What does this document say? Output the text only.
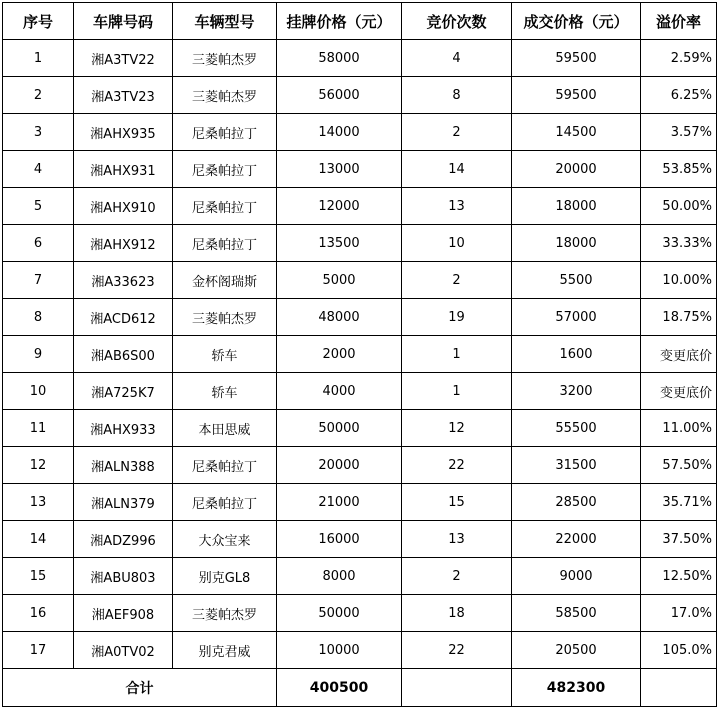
序号	车牌号码	车辆型号	挂牌价格（元）	竞价次数	成交价格（元）	溢价率
1	湘A3TV22	三菱帕杰罗	58000	4	59500	2.59%
2	湘A3TV23	三菱帕杰罗	56000	8	59500	6.25%
3	湘AHX935	尼桑帕拉丁	14000	2	14500	3.57%
4	湘AHX931	尼桑帕拉丁	13000	14	20000	53.85%
5	湘AHX910	尼桑帕拉丁	12000	13	18000	50.00%
6	湘AHX912	尼桑帕拉丁	13500	10	18000	33.33%
7	湘A33623	金杯阁瑞斯	5000	2	5500	10.00%
8	湘ACD612	三菱帕杰罗	48000	19	57000	18.75%
9	湘AB6S00	轿车	2000	1	1600	变更底价
10	湘A725K7	轿车	4000	1	3200	变更底价
11	湘AHX933	本田思威	50000	12	55500	11.00%
12	湘ALN388	尼桑帕拉丁	20000	22	31500	57.50%
13	湘ALN379	尼桑帕拉丁	21000	15	28500	35.71%
14	湘ADZ996	大众宝来	16000	13	22000	37.50%
15	湘ABU803	别克GL8	8000	2	9000	12.50%
16	湘AEF908	三菱帕杰罗	50000	18	58500	17.0%
17	湘A0TV02	别克君威	10000	22	20500	105.0%
合计			400500		482300	
